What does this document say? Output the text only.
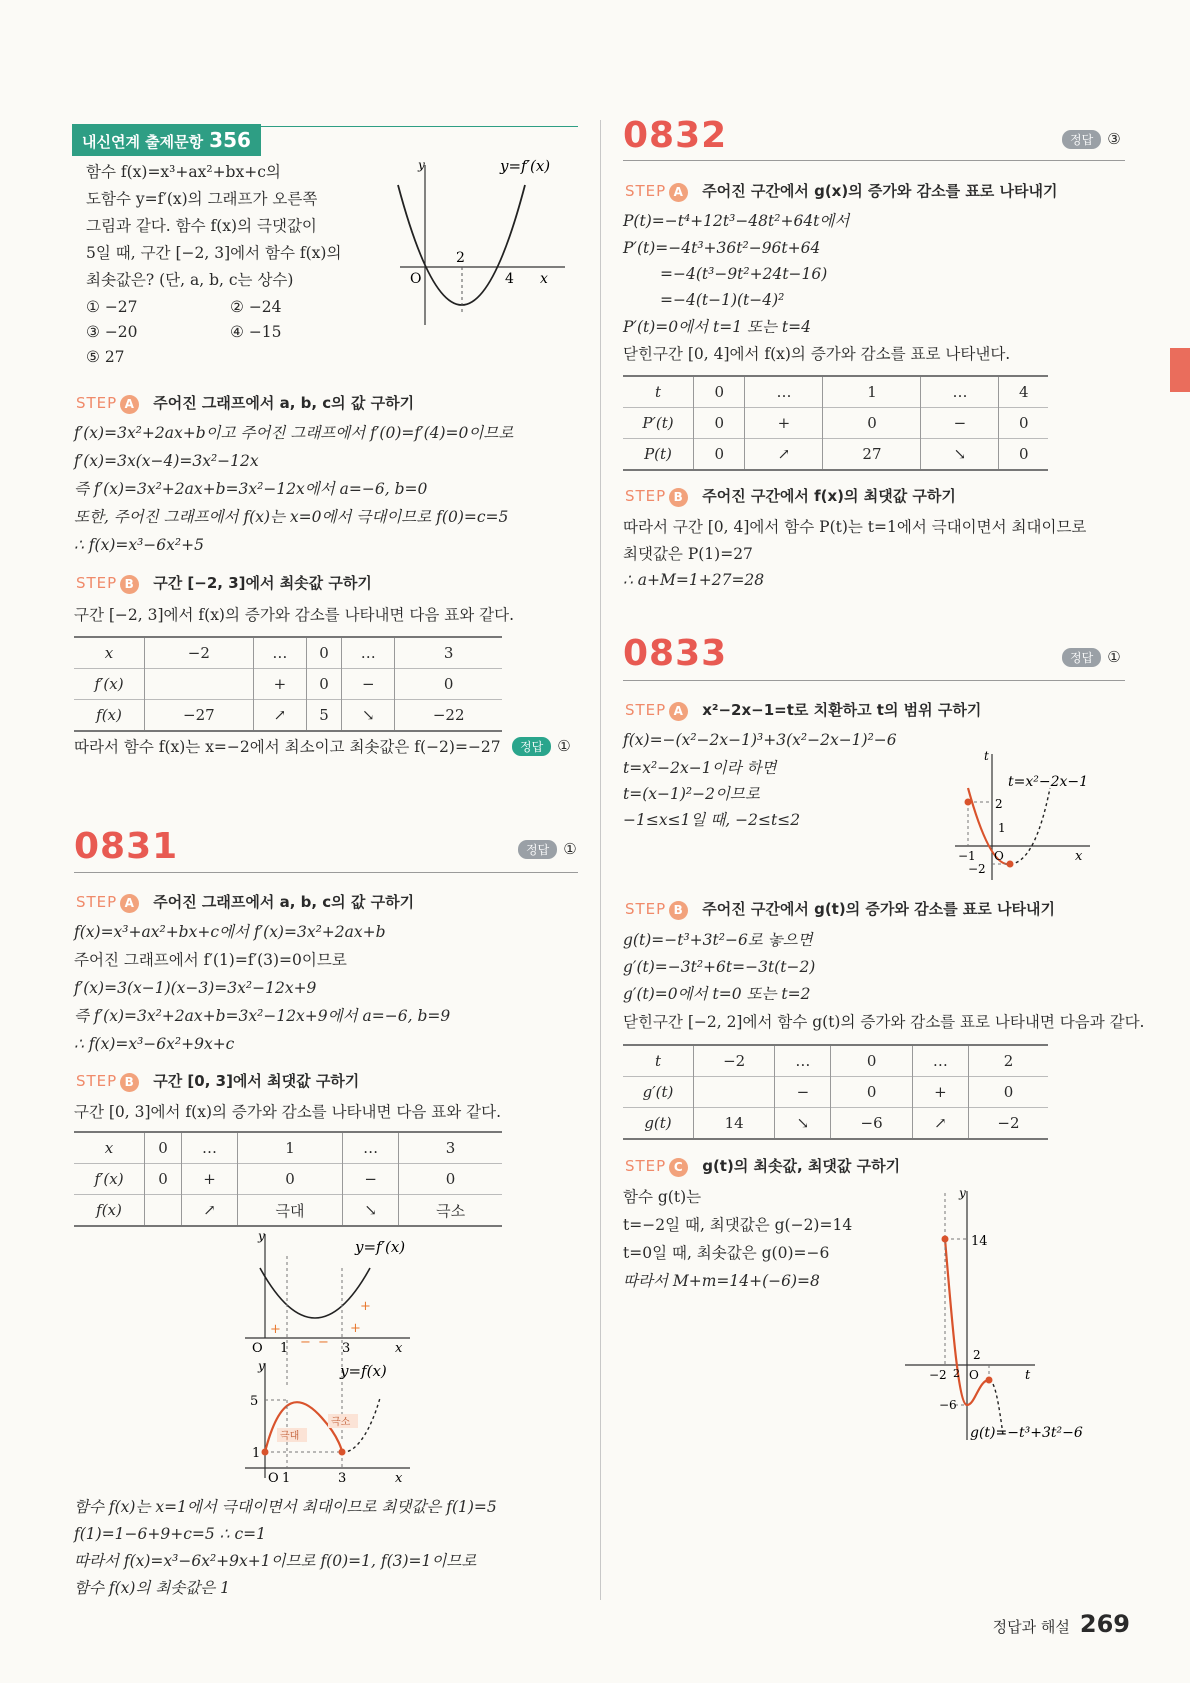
내신연계 출제문항 356
함수 f(x)=x³+ax²+bx+c의
도함수 y=f′(x)의 그래프가 오른쪽
그림과 같다. 함수 f(x)의 극댓값이
5일 때, 구간 [−2, 3]에서 함수 f(x)의
최솟값은? (단, a, b, c는 상수)
① −27	② −24
③ −20	④ −15
⑤ 27
y	y=f′(x)
O
2
4 x
STEP A 주어진 그래프에서 a, b, c의 값 구하기
f′(x)=3x²+2ax+b이고 주어진 그래프에서 f′(0)=f′(4)=0이므로
f′(x)=3x(x−4)=3x²−12x
즉 f′(x)=3x²+2ax+b=3x²−12x에서 a=−6, b=0
또한, 주어진 그래프에서 f(x)는 x=0에서 극대이므로 f(0)=c=5
∴ f(x)=x³−6x²+5
STEP B 구간 [−2, 3]에서 최솟값 구하기
구간 [−2, 3]에서 f(x)의 증가와 감소를 나타내면 다음 표와 같다.
x	−2	…	0	…	3
f′(x)		+	0	−	0
f(x)	−27	↗	5	↘	−22
따라서 함수 f(x)는 x=−2에서 최소이고 최솟값은 f(−2)=−27	정답 ①
0831	정답 ①
STEP A 주어진 그래프에서 a, b, c의 값 구하기
f(x)=x³+ax²+bx+c에서 f′(x)=3x²+2ax+b
주어진 그래프에서 f′(1)=f′(3)=0이므로
f′(x)=3(x−1)(x−3)=3x²−12x+9
즉 f′(x)=3x²+2ax+b=3x²−12x+9에서 a=−6, b=9
∴ f(x)=x³−6x²+9x+c
STEP B 구간 [0, 3]에서 최댓값 구하기
구간 [0, 3]에서 f(x)의 증가와 감소를 나타내면 다음 표와 같다.
x	0	…	1	…	3
f′(x)	0	+	0	−	0
f(x)		↗	극대	↘	극소
y
y=f′(x)
O 1	3	x
+
− −
+
+
y	y=f(x)
5
1
O 1	3	x
극대
극소
함수 f(x)는 x=1에서 극대이면서 최대이므로 최댓값은 f(1)=5
f(1)=1−6+9+c=5 ∴ c=1
따라서 f(x)=x³−6x²+9x+1이므로 f(0)=1, f(3)=1이므로
함수 f(x)의 최솟값은 1
0832	정답 ③
STEP A 주어진 구간에서 g(x)의 증가와 감소를 표로 나타내기
P(t)=−t⁴+12t³−48t²+64t에서
P′(t)=−4t³+36t²−96t+64
=−4(t³−9t²+24t−16)
=−4(t−1)(t−4)²
P′(t)=0에서 t=1 또는 t=4
닫힌구간 [0, 4]에서 f(x)의 증가와 감소를 표로 나타낸다.
t	0	…	1	…	4
P′(t)	0	+	0	−	0
P(t)	0	↗	27	↘	0
STEP B 주어진 구간에서 f(x)의 최댓값 구하기
따라서 구간 [0, 4]에서 함수 P(t)는 t=1에서 극대이면서 최대이므로
최댓값은 P(1)=27
∴ a+M=1+27=28
0833	정답 ①
STEP A x²−2x−1=t로 치환하고 t의 범위 구하기
f(x)=−(x²−2x−1)³+3(x²−2x−1)²−6
t=x²−2x−1이라 하면
t=(x−1)²−2이므로
−1≤x≤1일 때, −2≤t≤2
t
t=x²−2x−1
2
1
−1 O
−2
x
STEP B 주어진 구간에서 g(t)의 증가와 감소를 표로 나타내기
g(t)=−t³+3t²−6로 놓으면
g′(t)=−3t²+6t=−3t(t−2)
g′(t)=0에서 t=0 또는 t=2
닫힌구간 [−2, 2]에서 함수 g(t)의 증가와 감소를 표로 나타내면 다음과 같다.
t	−2	…	0	…	2
g′(t)		−	0	+	0
g(t)	14	↘	−6	↗	−2
STEP C g(t)의 최솟값, 최댓값 구하기
함수 g(t)는
t=−2일 때, 최댓값은 g(−2)=14
t=0일 때, 최솟값은 g(0)=−6
따라서 M+m=14+(−6)=8
y
14
2
−2 O
2	t
−6
g(t)=−t³+3t²−6
정답과 해설 269
